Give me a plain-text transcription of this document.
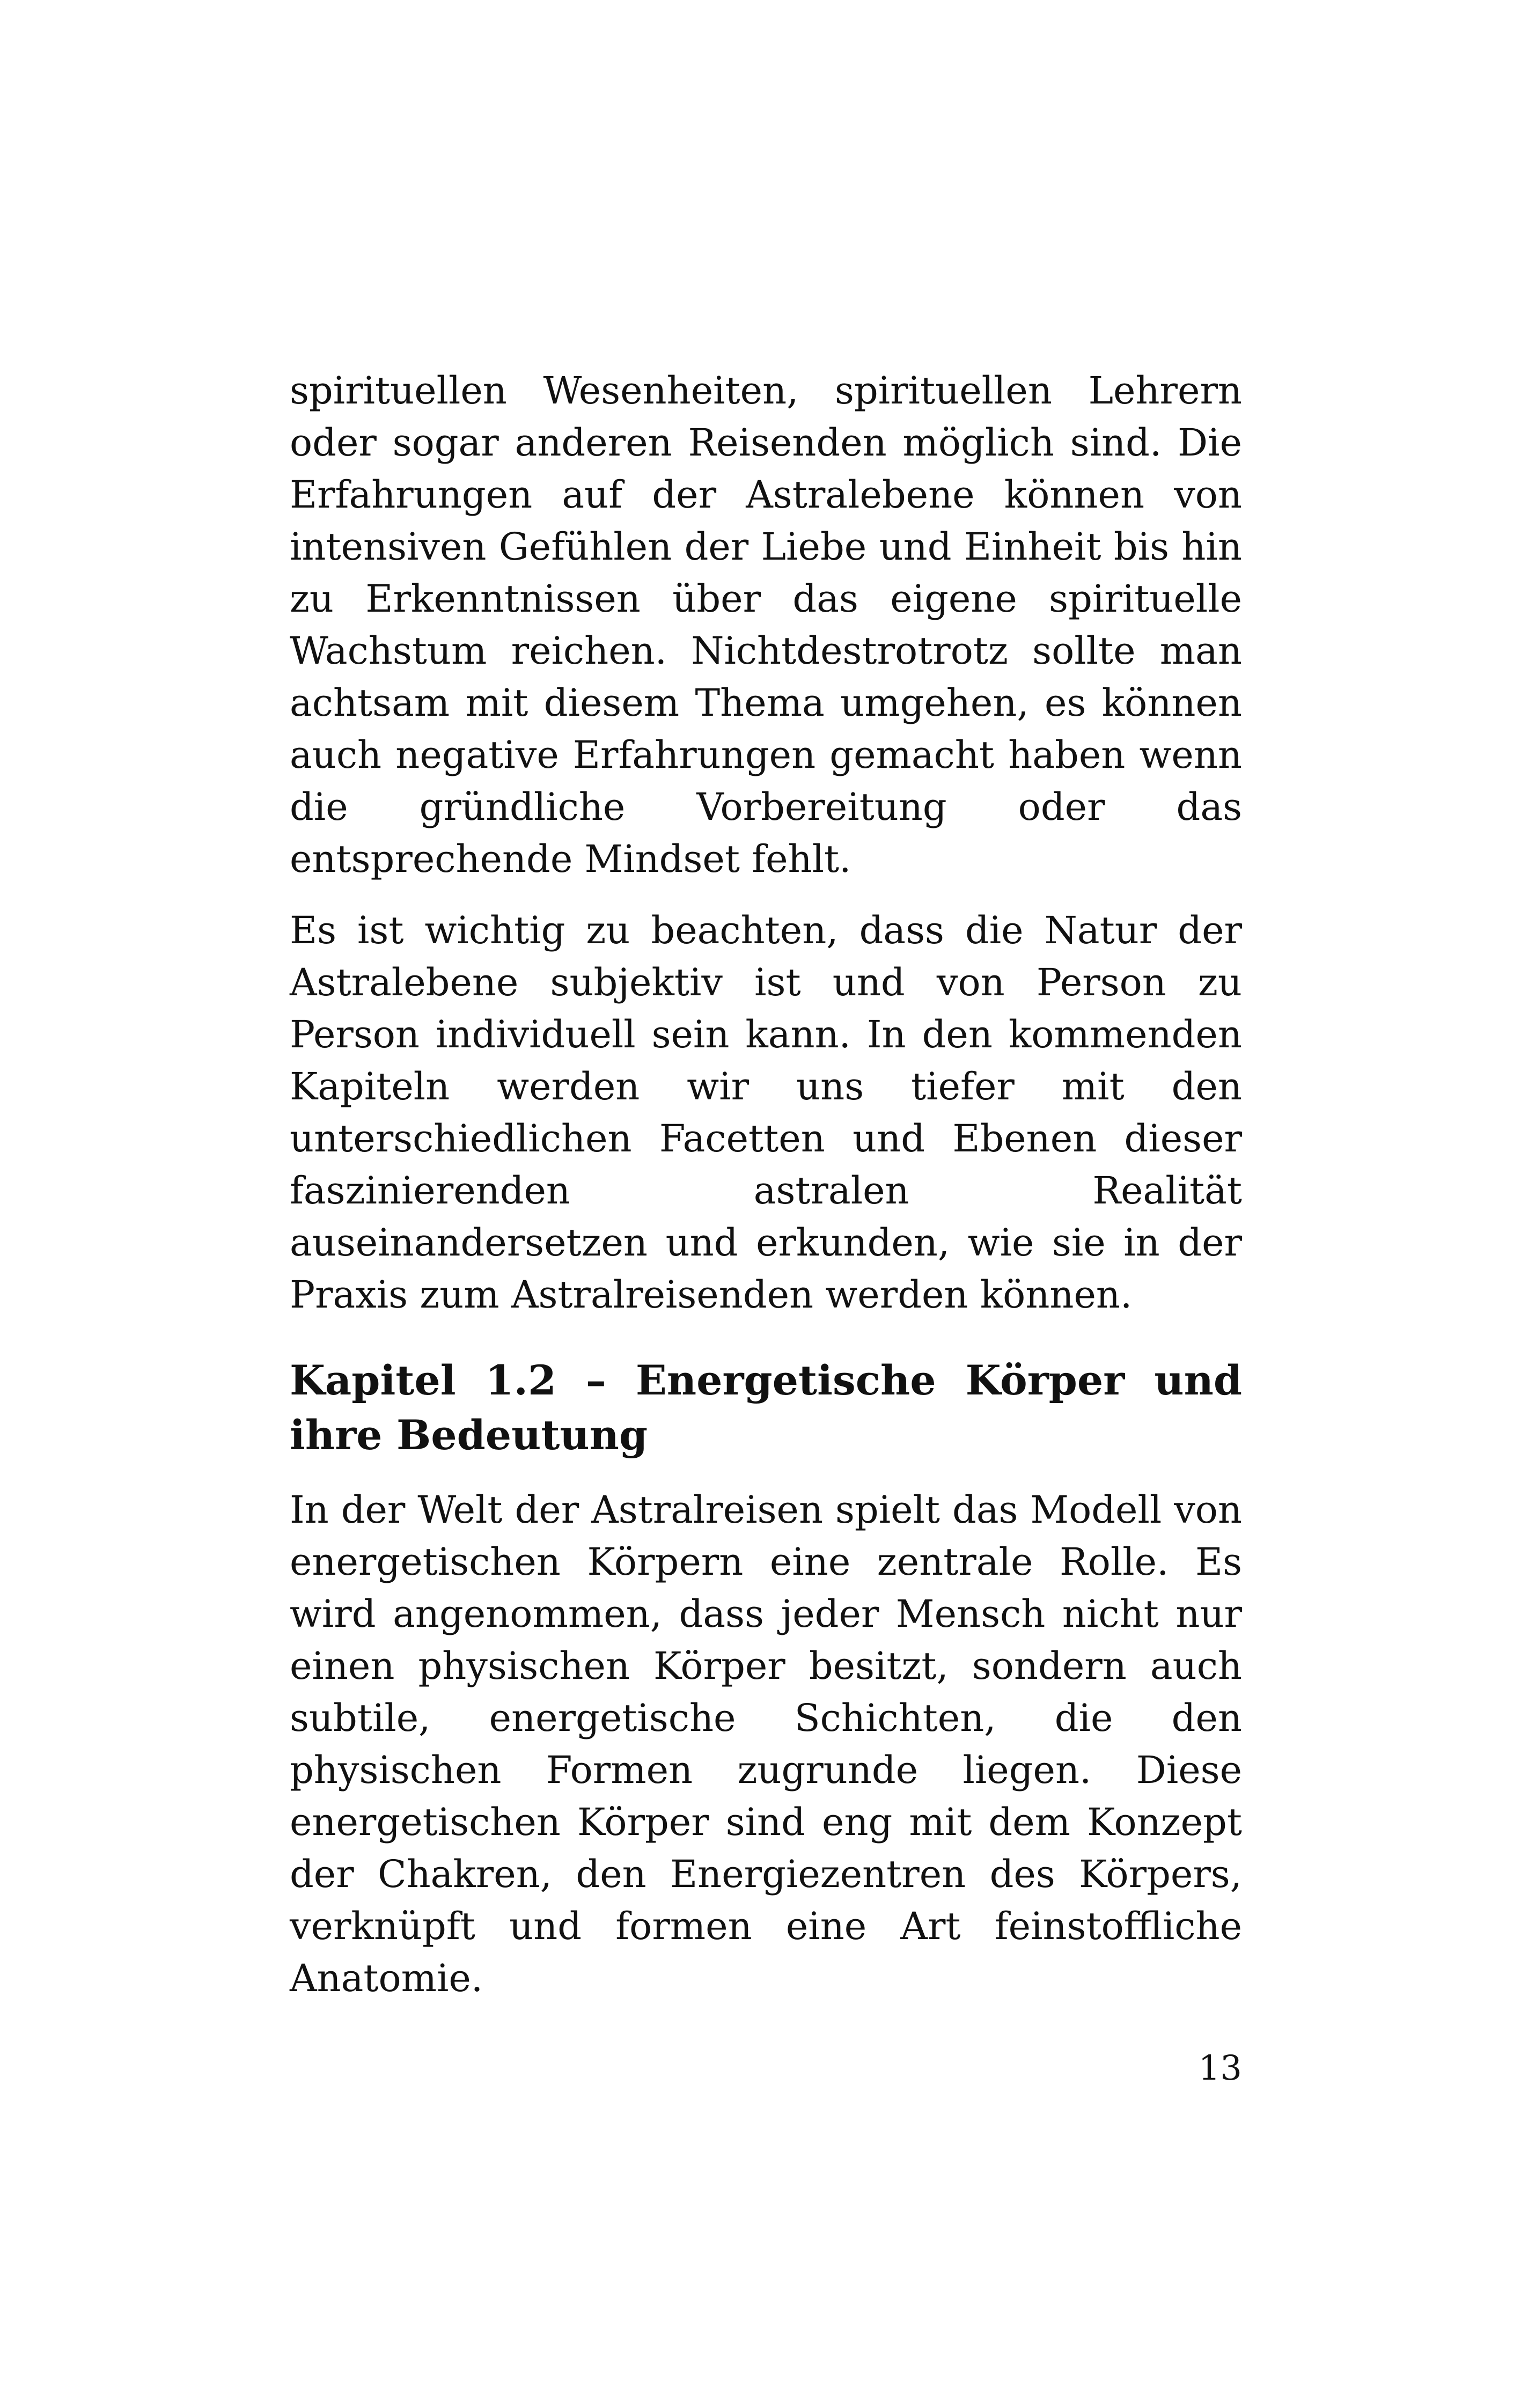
spirituellen Wesenheiten, spirituellen Lehrern oder sogar anderen Reisenden möglich sind. Die Erfahrungen auf der Astralebene können von intensiven Gefühlen der Liebe und Einheit bis hin zu Erkenntnissen über das eigene spirituelle Wachstum reichen. Nichtdestrotrotz sollte man achtsam mit diesem Thema umgehen, es können auch negative Erfahrungen gemacht haben wenn die gründliche Vorbereitung oder das entsprechende Mindset fehlt.

Es ist wichtig zu beachten, dass die Natur der Astralebene subjektiv ist und von Person zu Person individuell sein kann. In den kommenden Kapiteln werden wir uns tiefer mit den unterschiedlichen Facetten und Ebenen dieser faszinierenden astralen Realität auseinandersetzen und erkunden, wie sie in der Praxis zum Astralreisenden werden können.

Kapitel 1.2 – Energetische Körper und ihre Bedeutung

In der Welt der Astralreisen spielt das Modell von energetischen Körpern eine zentrale Rolle. Es wird angenommen, dass jeder Mensch nicht nur einen physischen Körper besitzt, sondern auch subtile, energetische Schichten, die den physischen Formen zugrunde liegen. Diese energetischen Körper sind eng mit dem Konzept der Chakren, den Energiezentren des Körpers, verknüpft und formen eine Art feinstoffliche Anatomie.

13
